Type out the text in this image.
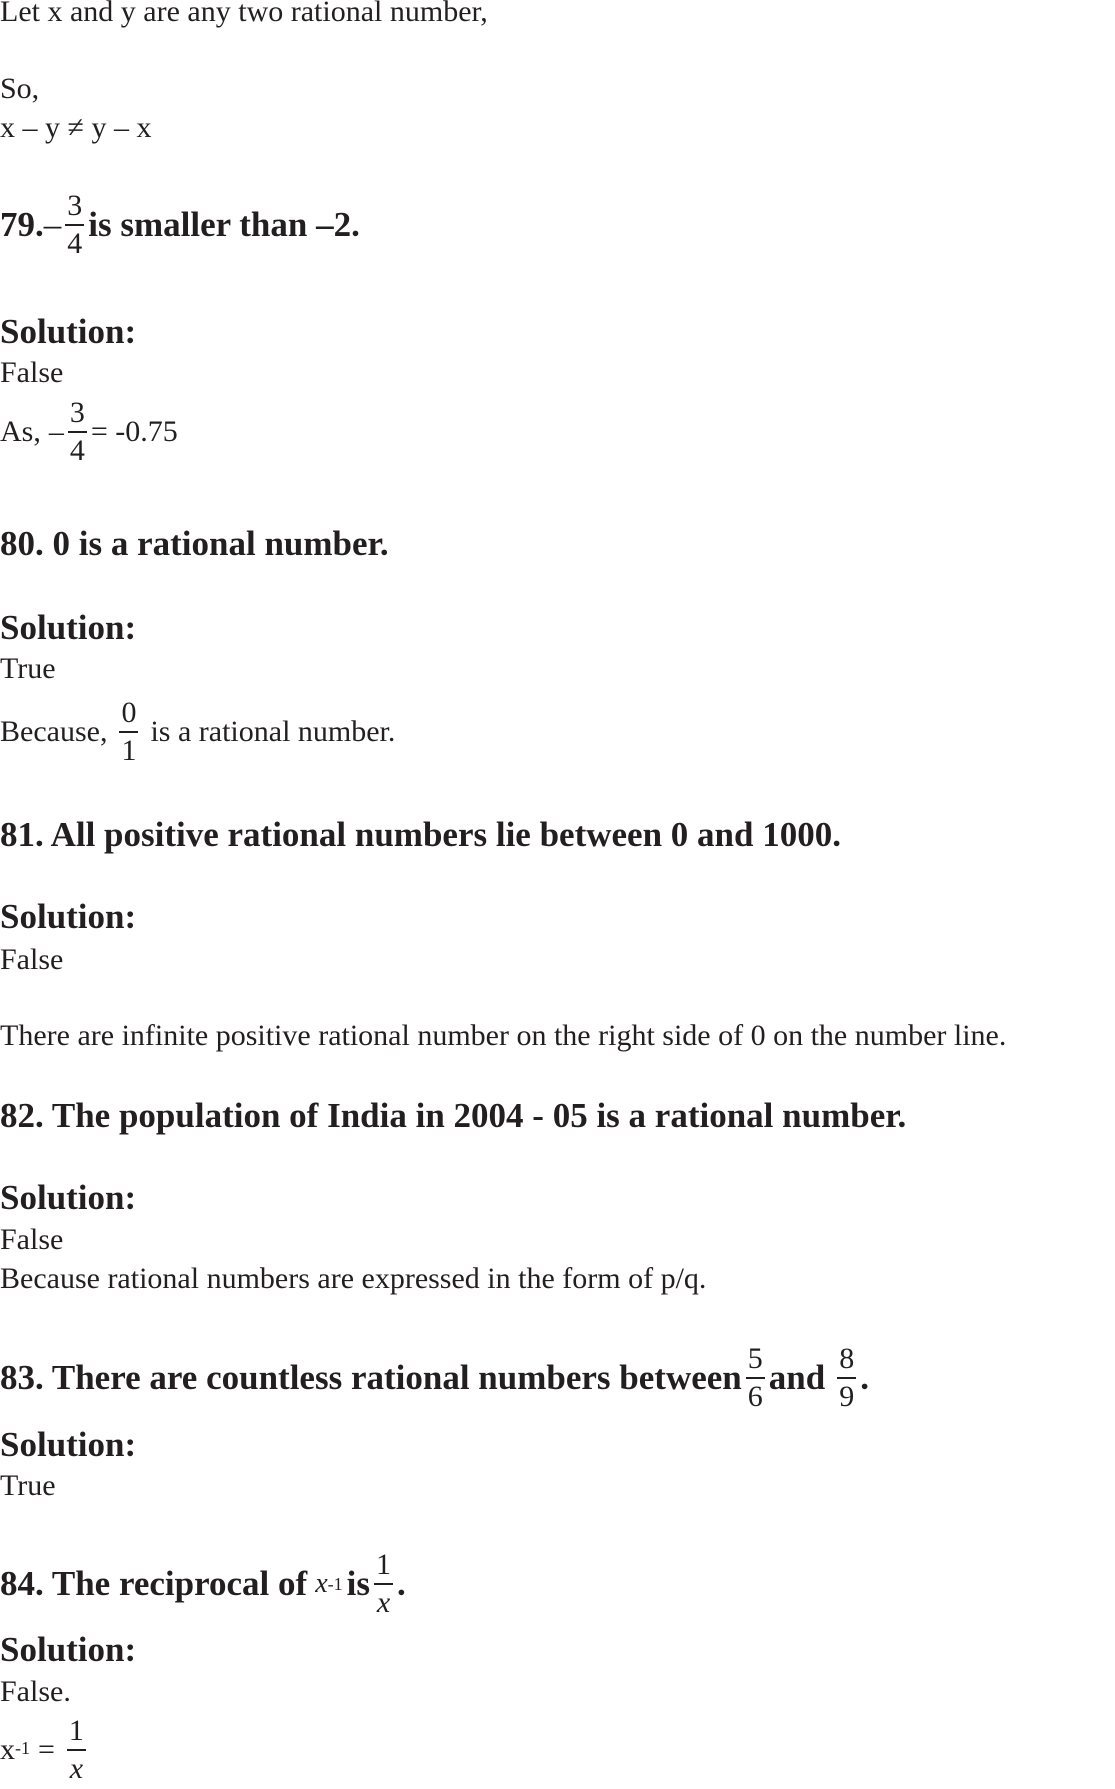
Let x and y are any two rational number,
So,
x – y ≠ y – x
79. – $\frac{3}{4}$ is smaller than –2.
Solution:
False
As, – $\frac{3}{4} = -0.75$
80. 0 is a rational number.
Solution:
True
Because, $\frac{0}{1}$ is a rational number.
81. All positive rational numbers lie between 0 and 1000.
Solution:
False
There are infinite positive rational number on the right side of 0 on the number line.
82. The population of India in 2004 - 05 is a rational number.
Solution:
False
Because rational numbers are expressed in the form of p/q.
83. There are countless rational numbers between $\frac{5}{6}$ and $\frac{8}{9}$ .
Solution:
True
84. The reciprocal of x -1 is $\frac{1}{x}$ .
Solution:
False.
x $-1 = \frac{1}{x}$
